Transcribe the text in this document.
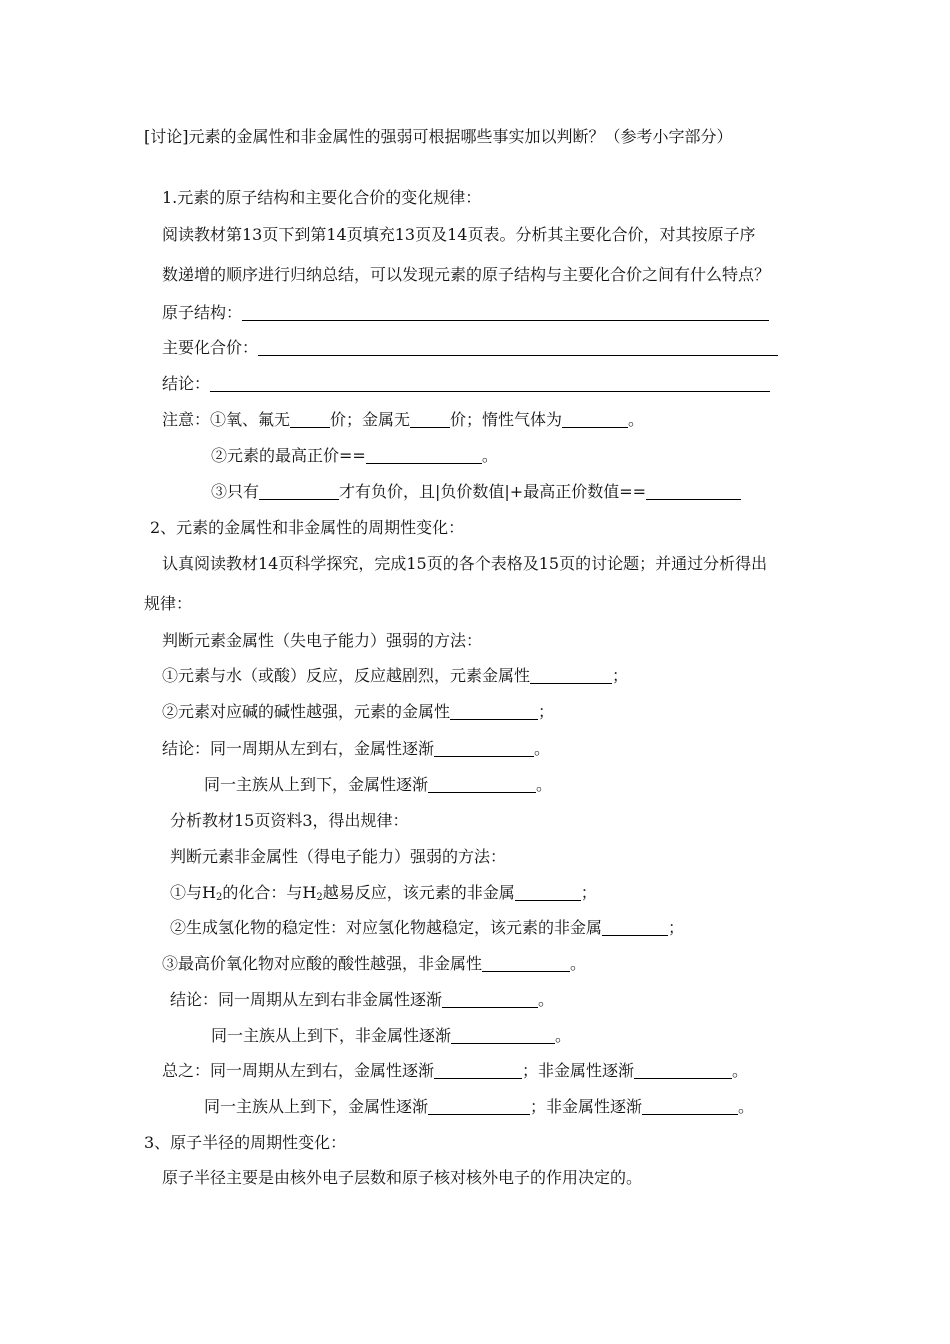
[讨论]元素的金属性和非金属性的强弱可根据哪些事实加以判断？（参考小字部分）
1.元素的原子结构和主要化合价的变化规律：
阅读教材第13页下到第14页填充13页及14页表。分析其主要化合价，对其按原子序
数递增的顺序进行归纳总结，可以发现元素的原子结构与主要化合价之间有什么特点？
原子结构：
主要化合价：
结论：
注意：①氧、氟无	价；金属无	价；惰性气体为	。
②元素的最高正价==	。
③只有	才有负价，且|负价数值|+最高正价数值==
2、元素的金属性和非金属性的周期性变化：
认真阅读教材14页科学探究，完成15页的各个表格及15页的讨论题；并通过分析得出
规律：
判断元素金属性（失电子能力）强弱的方法：
①元素与水（或酸）反应，反应越剧烈，元素金属性	；
②元素对应碱的碱性越强，元素的金属性	；
结论：同一周期从左到右，金属性逐渐	。
同一主族从上到下，金属性逐渐	。
分析教材15页资料3，得出规律：
判断元素非金属性（得电子能力）强弱的方法：
①与$H_2$的化合：与$H_2$越易反应，该元素的非金属	；
②生成氢化物的稳定性：对应氢化物越稳定，该元素的非金属	；
③最高价氧化物对应酸的酸性越强，非金属性	。
结论：同一周期从左到右非金属性逐渐	。
同一主族从上到下，非金属性逐渐	。
总之：同一周期从左到右，金属性逐渐	；非金属性逐渐	。
同一主族从上到下，金属性逐渐	；非金属性逐渐	。
3、原子半径的周期性变化：
原子半径主要是由核外电子层数和原子核对核外电子的作用决定的。
